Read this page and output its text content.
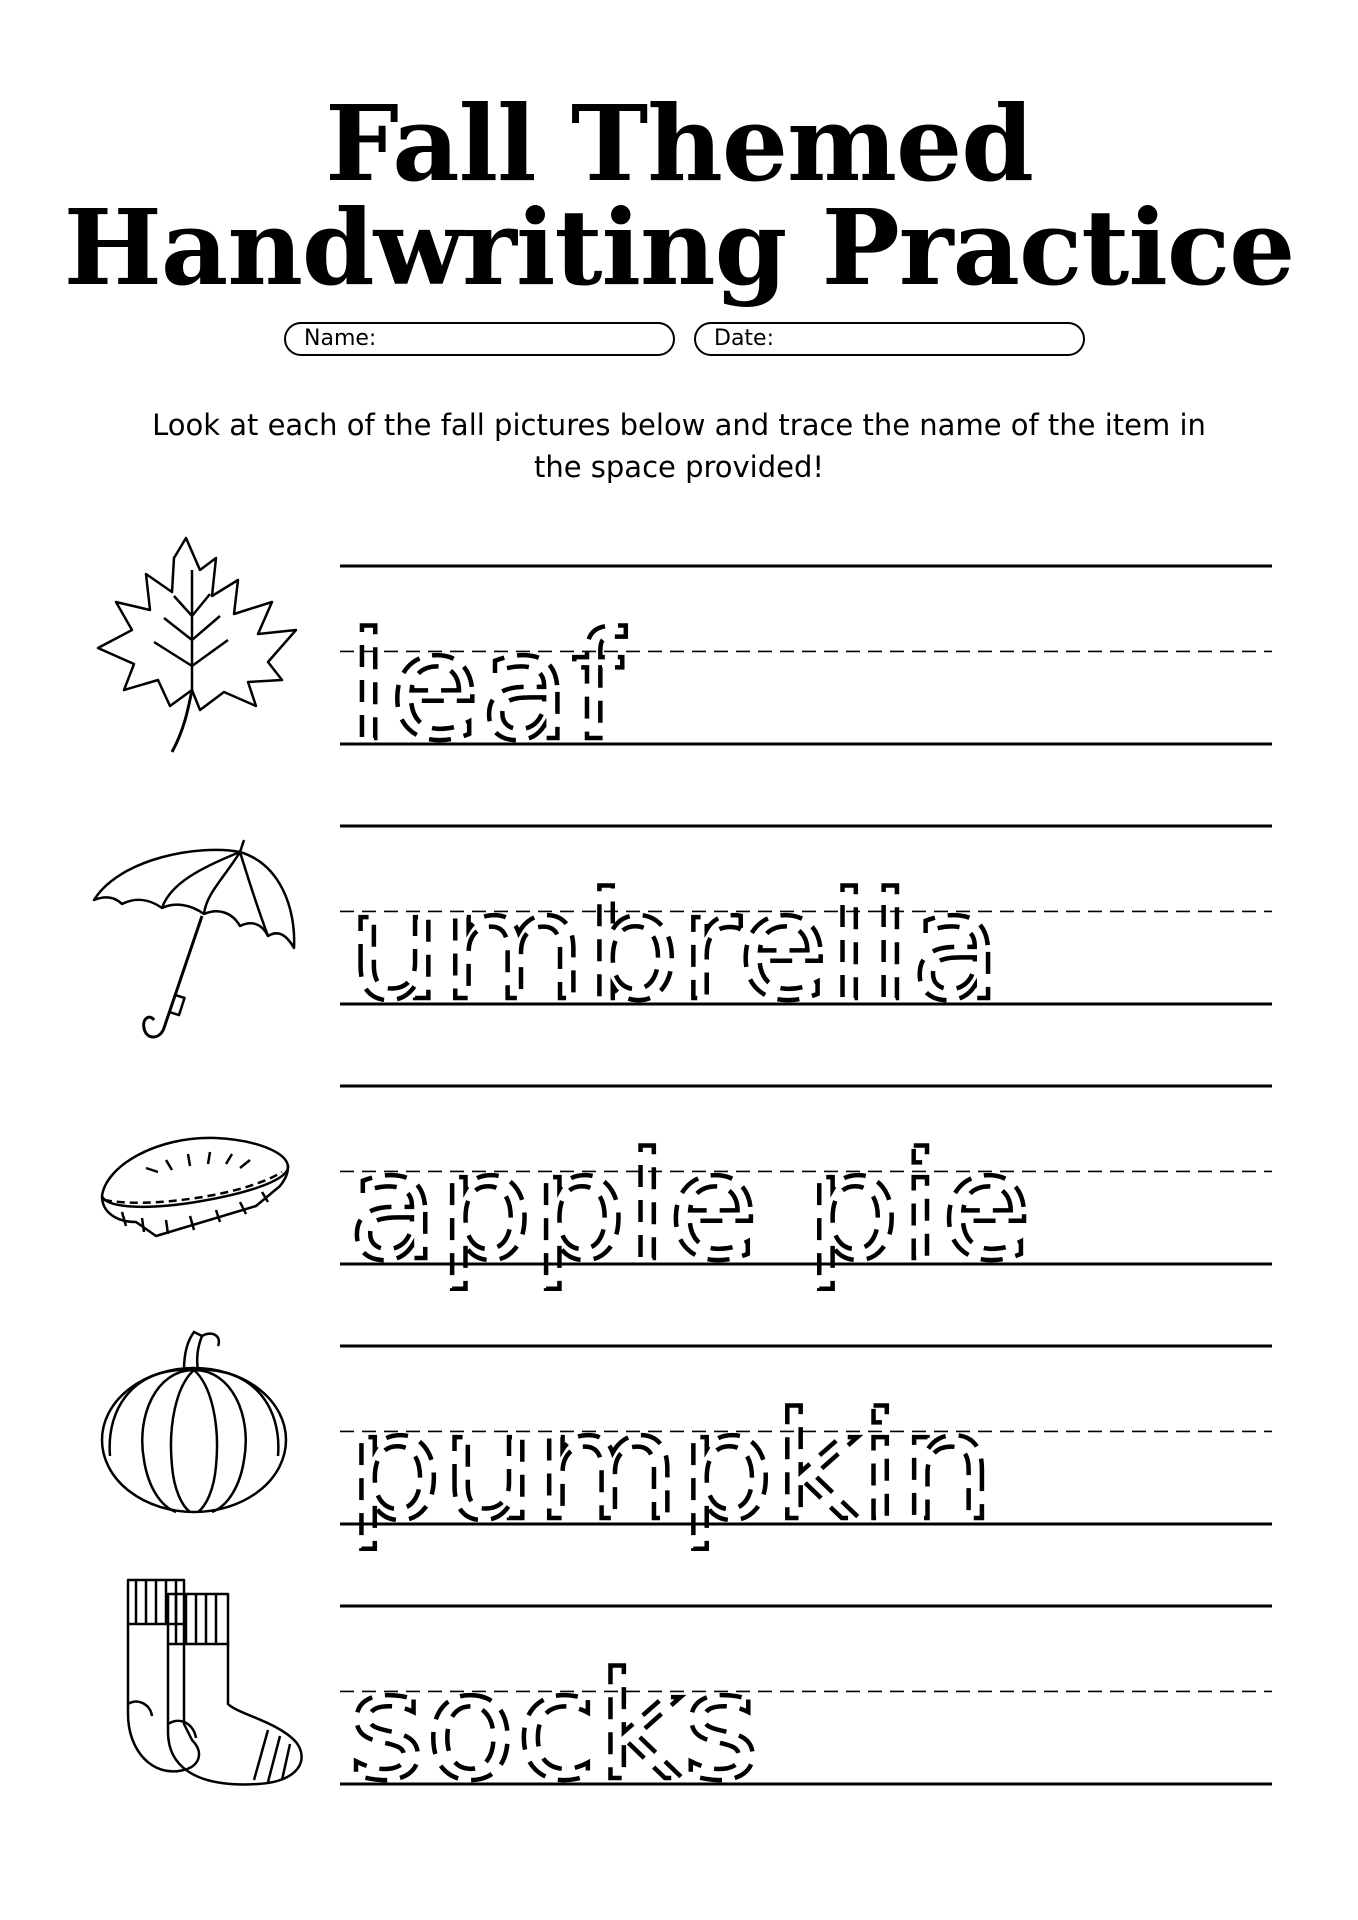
Fall Themed
Handwriting Practice
Name:	Date:
Look at each of the fall pictures below and trace the name of the item in the space provided!
leaf
umbrella
apple pie
pumpkin
socks
